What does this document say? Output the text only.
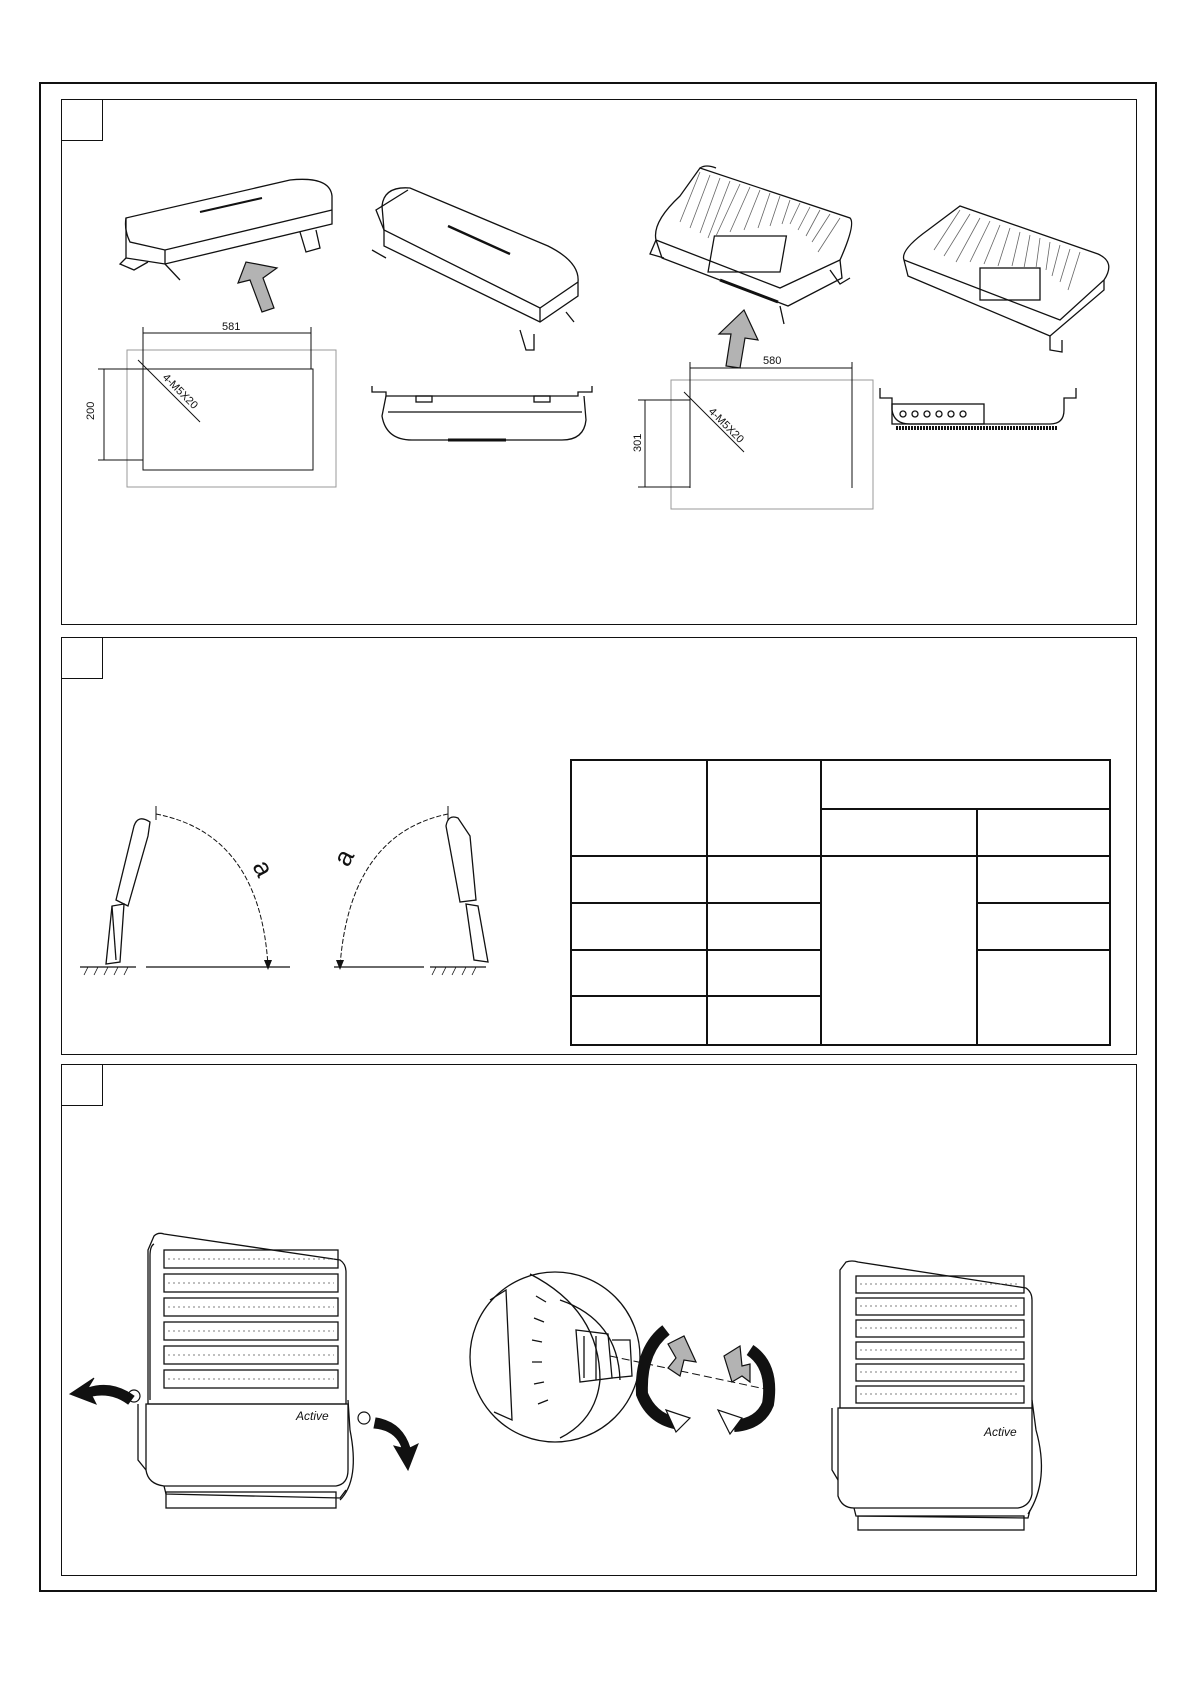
581
200	4-M5X20
580
301	4-M5X20
a a
Active
Active
